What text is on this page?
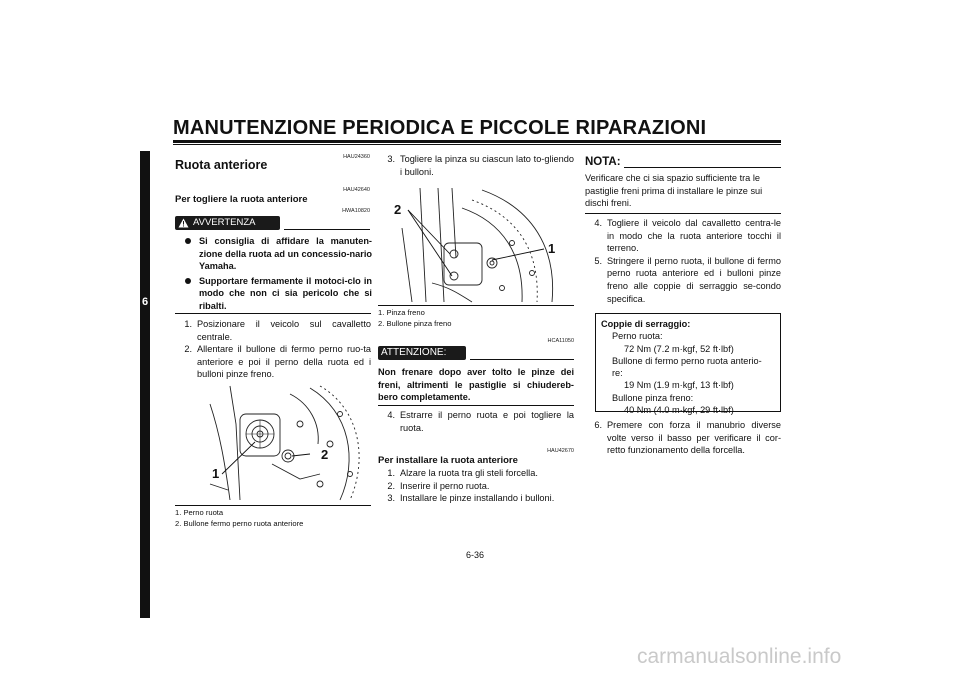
MANUTENZIONE PERIODICA E PICCOLE RIPARAZIONI
6
HAU24360
Ruota anteriore
HAU42640
Per togliere la ruota anteriore
HWA10820
AVVERTENZA
Si consiglia di affidare la manuten-zione della ruota ad un concessio-nario Yamaha.
Supportare fermamente il motoci-clo in modo che non ci sia pericolo che si ribalti.
1. Posizionare il veicolo sul cavalletto centrale.
2. Allentare il bullone di fermo perno ruo-ta anteriore e poi il perno della ruota ed i bulloni pinze freno.
1
2
1. Perno ruota
2. Bullone fermo perno ruota anteriore
3. Togliere la pinza su ciascun lato to-gliendo i bulloni.
2
1
1. Pinza freno
2. Bullone pinza freno
HCA11050
ATTENZIONE:
Non frenare dopo aver tolto le pinze dei freni, altrimenti le pastiglie si chiudereb-bero completamente.
4. Estrarre il perno ruota e poi togliere la ruota.
HAU42670
Per installare la ruota anteriore
1. Alzare la ruota tra gli steli forcella.
2. Inserire il perno ruota.
3. Installare le pinze installando i bulloni.
NOTA:
Verificare che ci sia spazio sufficiente tra le pastiglie freni prima di installare le pinze sui dischi freni.
4. Togliere il veicolo dal cavalletto centra-le in modo che la ruota anteriore tocchi il terreno.
5. Stringere il perno ruota, il bullone di fermo perno ruota anteriore ed i bulloni pinze freno alle coppie di serraggio se-condo specifica.
Coppie di serraggio:
Perno ruota:
72 Nm (7.2 m·kgf, 52 ft·lbf)
Bullone di fermo perno ruota anterio-
re:
19 Nm (1.9 m·kgf, 13 ft·lbf)
Bullone pinza freno:
40 Nm (4.0 m·kgf, 29 ft·lbf)
6. Premere con forza il manubrio diverse volte verso il basso per verificare il cor-retto funzionamento della forcella.
6-36
carmanualsonline.info
